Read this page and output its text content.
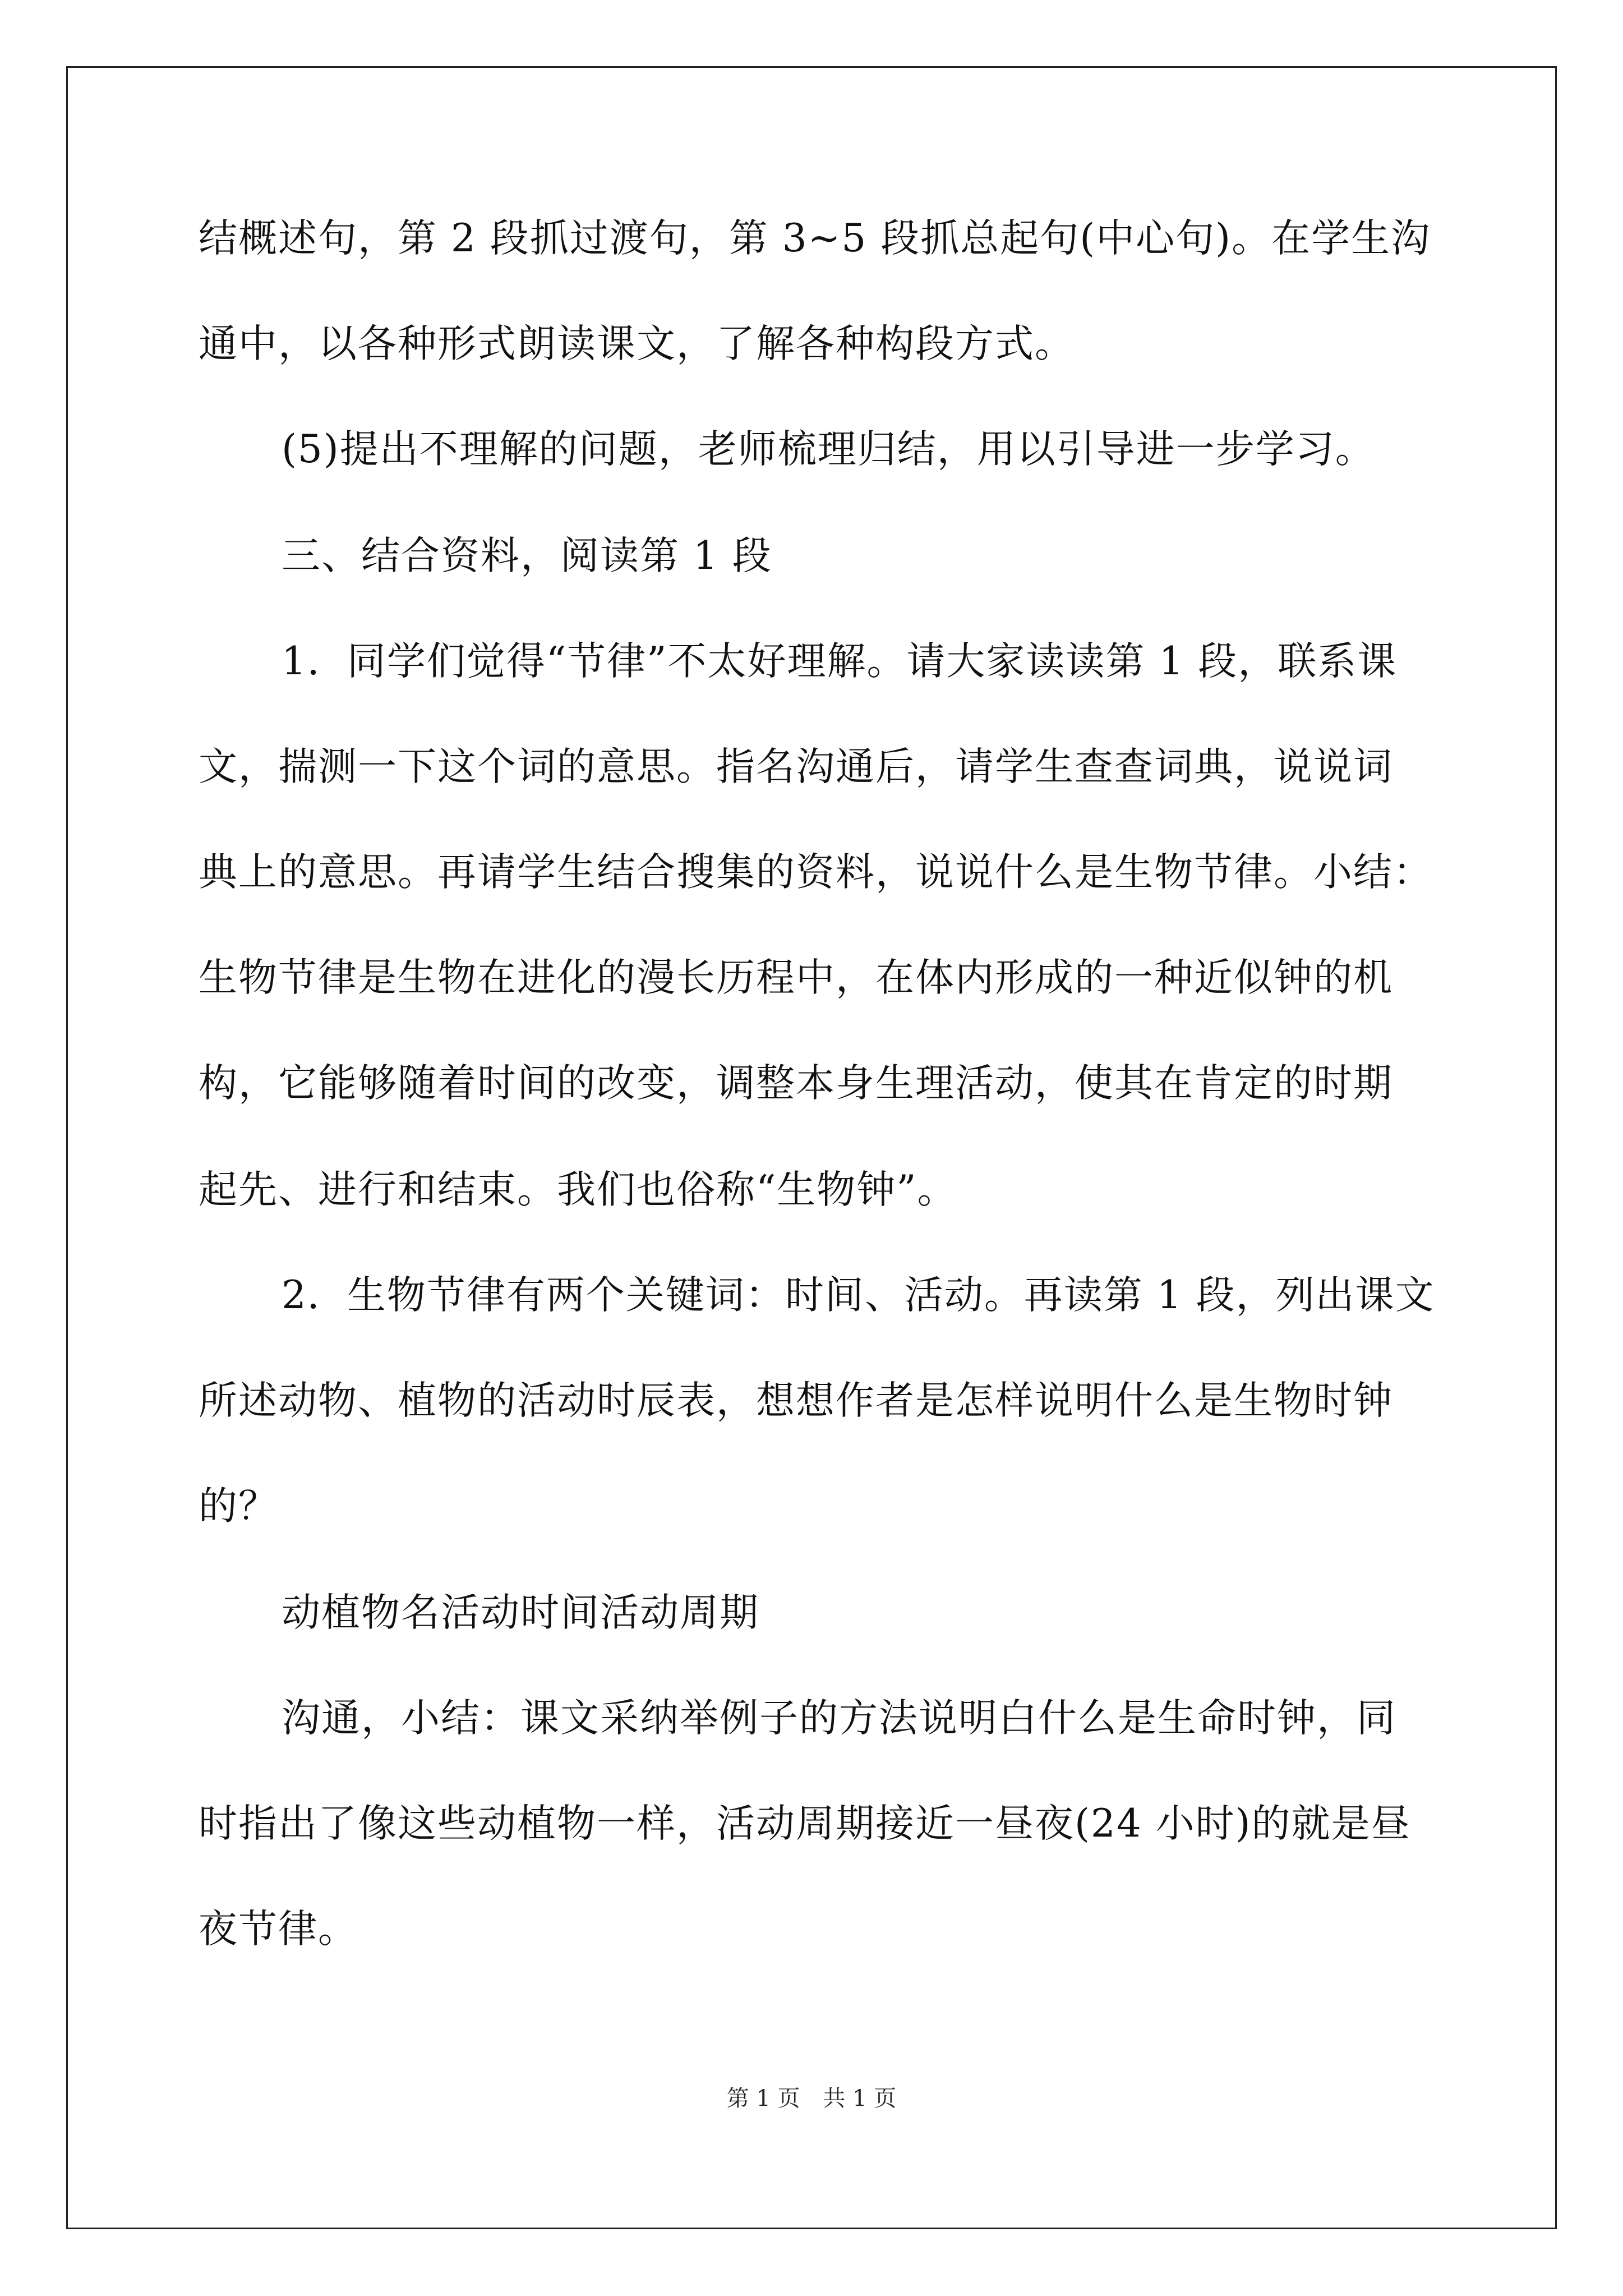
结概述句，第 2 段抓过渡句，第 3~5 段抓总起句(中心句)。在学生沟
通中，以各种形式朗读课文，了解各种构段方式。
(5)提出不理解的问题，老师梳理归结，用以引导进一步学习。
三、结合资料，阅读第 1 段
1．同学们觉得“节律”不太好理解。请大家读读第 1 段，联系课
文，揣测一下这个词的意思。指名沟通后，请学生查查词典，说说词
典上的意思。再请学生结合搜集的资料，说说什么是生物节律。小结：
生物节律是生物在进化的漫长历程中，在体内形成的一种近似钟的机
构，它能够随着时间的改变，调整本身生理活动，使其在肯定的时期
起先、进行和结束。我们也俗称“生物钟”。
2．生物节律有两个关键词：时间、活动。再读第 1 段，列出课文
所述动物、植物的活动时辰表，想想作者是怎样说明什么是生物时钟
的？
动植物名活动时间活动周期
沟通，小结：课文采纳举例子的方法说明白什么是生命时钟，同
时指出了像这些动植物一样，活动周期接近一昼夜(24 小时)的就是昼
夜节律。
第 1 页 共 1 页
